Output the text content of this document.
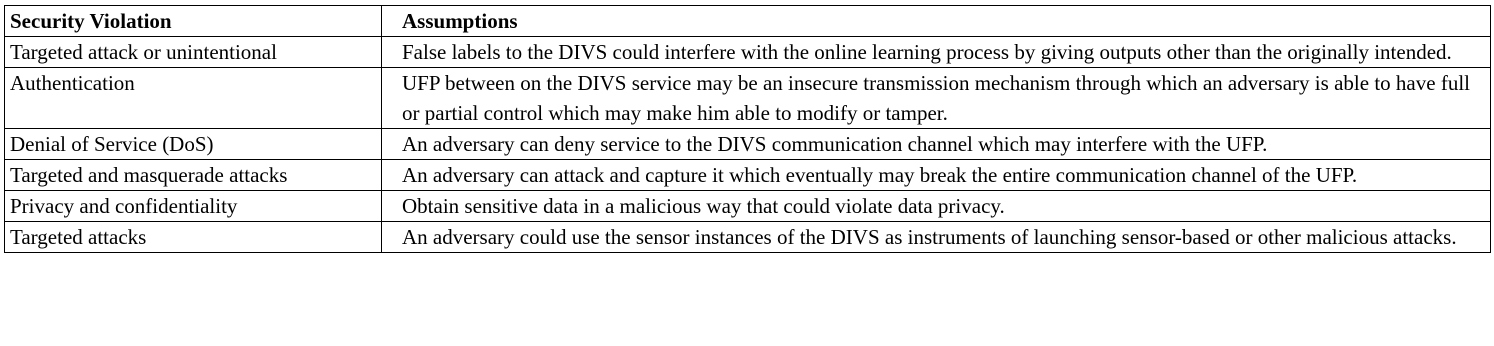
Security Violation	Assumptions
Targeted attack or unintentional	False labels to the DIVS could interfere with the online learning process by giving outputs other than the originally intended.
Authentication	UFP between on the DIVS service may be an insecure transmission mechanism through which an adversary is able to have full or partial control which may make him able to modify or tamper.
Denial of Service (DoS)	An adversary can deny service to the DIVS communication channel which may interfere with the UFP.
Targeted and masquerade attacks	An adversary can attack and capture it which eventually may break the entire communication channel of the UFP.
Privacy and confidentiality	Obtain sensitive data in a malicious way that could violate data privacy.
Targeted attacks	An adversary could use the sensor instances of the DIVS as instruments of launching sensor-based or other malicious attacks.
